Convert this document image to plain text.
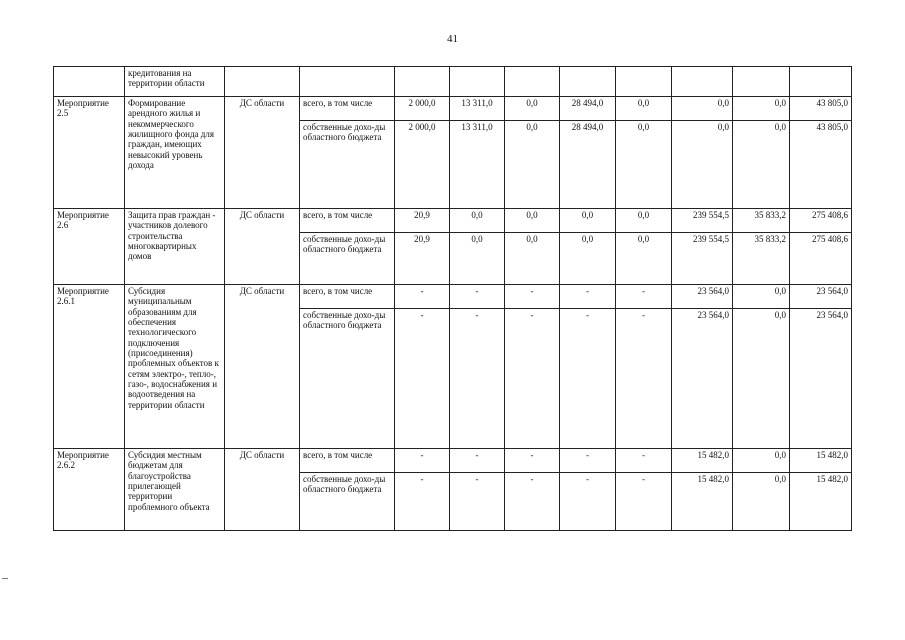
41
	кредитования на территории области										
Мероприятие 2.5	Формирование арендного жилья и некоммерческого жилищного фонда для граждан, имеющих невысокий уровень дохода	ДС области	всего, в том числе	2 000,0	13 311,0	0,0	28 494,0	0,0	0,0	0,0	43 805,0
			собственные дохо-ды областного бюджета	2 000,0	13 311,0	0,0	28 494,0	0,0	0,0	0,0	43 805,0
Мероприятие 2.6	Защита прав граждан - участников долевого строительства многоквартирных домов	ДС области	всего, в том числе	20,9	0,0	0,0	0,0	0,0	239 554,5	35 833,2	275 408,6
			собственные дохо-ды областного бюджета	20,9	0,0	0,0	0,0	0,0	239 554,5	35 833,2	275 408,6
Мероприятие 2.6.1	Субсидия муниципальным образованиям для обеспечения технологического подключения (присоединения) проблемных объектов к сетям электро-, тепло-, газо-, водоснабжения и водоотведения на территории области	ДС области	всего, в том числе	-	-	-	-	-	23 564,0	0,0	23 564,0
			собственные дохо-ды областного бюджета	-	-	-	-	-	23 564,0	0,0	23 564,0
Мероприятие 2.6.2	Субсидия местным бюджетам для благоустройства прилегающей территории проблемного объекта	ДС области	всего, в том числе	-	-	-	-	-	15 482,0	0,0	15 482,0
			собственные дохо-ды областного бюджета	-	-	-	-	-	15 482,0	0,0	15 482,0
